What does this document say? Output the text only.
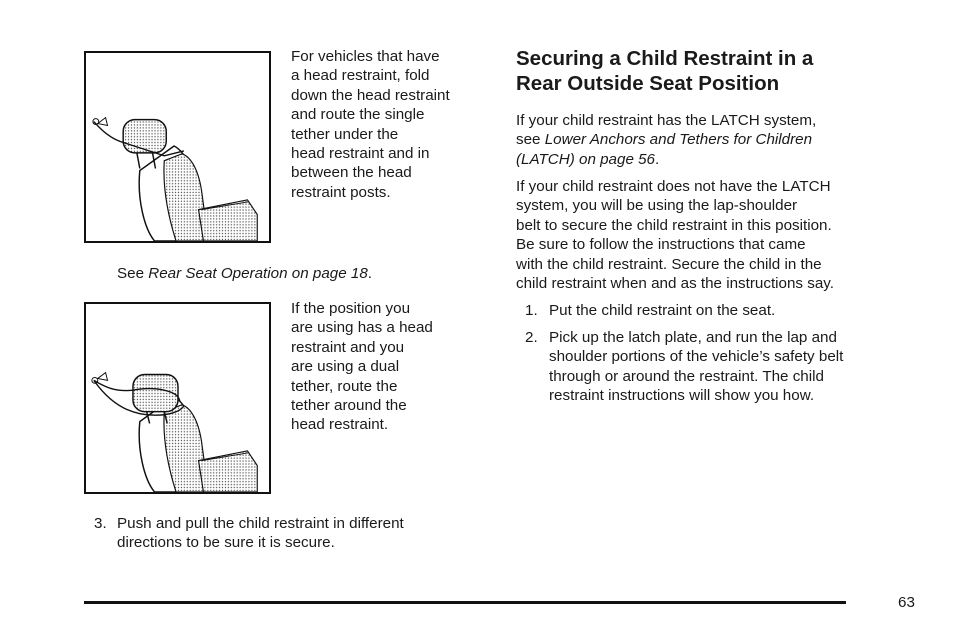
For vehicles that have
a head restraint, fold
down the head restraint
and route the single
tether under the
head restraint and in
between the head
restraint posts.
See Rear Seat Operation on page 18.
If the position you
are using has a head
restraint and you
are using a dual
tether, route the
tether around the
head restraint.
3. Push and pull the child restraint in different
directions to be sure it is secure.
Securing a Child Restraint in a
Rear Outside Seat Position
If your child restraint has the LATCH system,
see Lower Anchors and Tethers for Children
(LATCH) on page 56.
If your child restraint does not have the LATCH
system, you will be using the lap-shoulder
belt to secure the child restraint in this position.
Be sure to follow the instructions that came
with the child restraint. Secure the child in the
child restraint when and as the instructions say.
1. Put the child restraint on the seat.
2. Pick up the latch plate, and run the lap and
shoulder portions of the vehicle’s safety belt
through or around the restraint. The child
restraint instructions will show you how.
63
